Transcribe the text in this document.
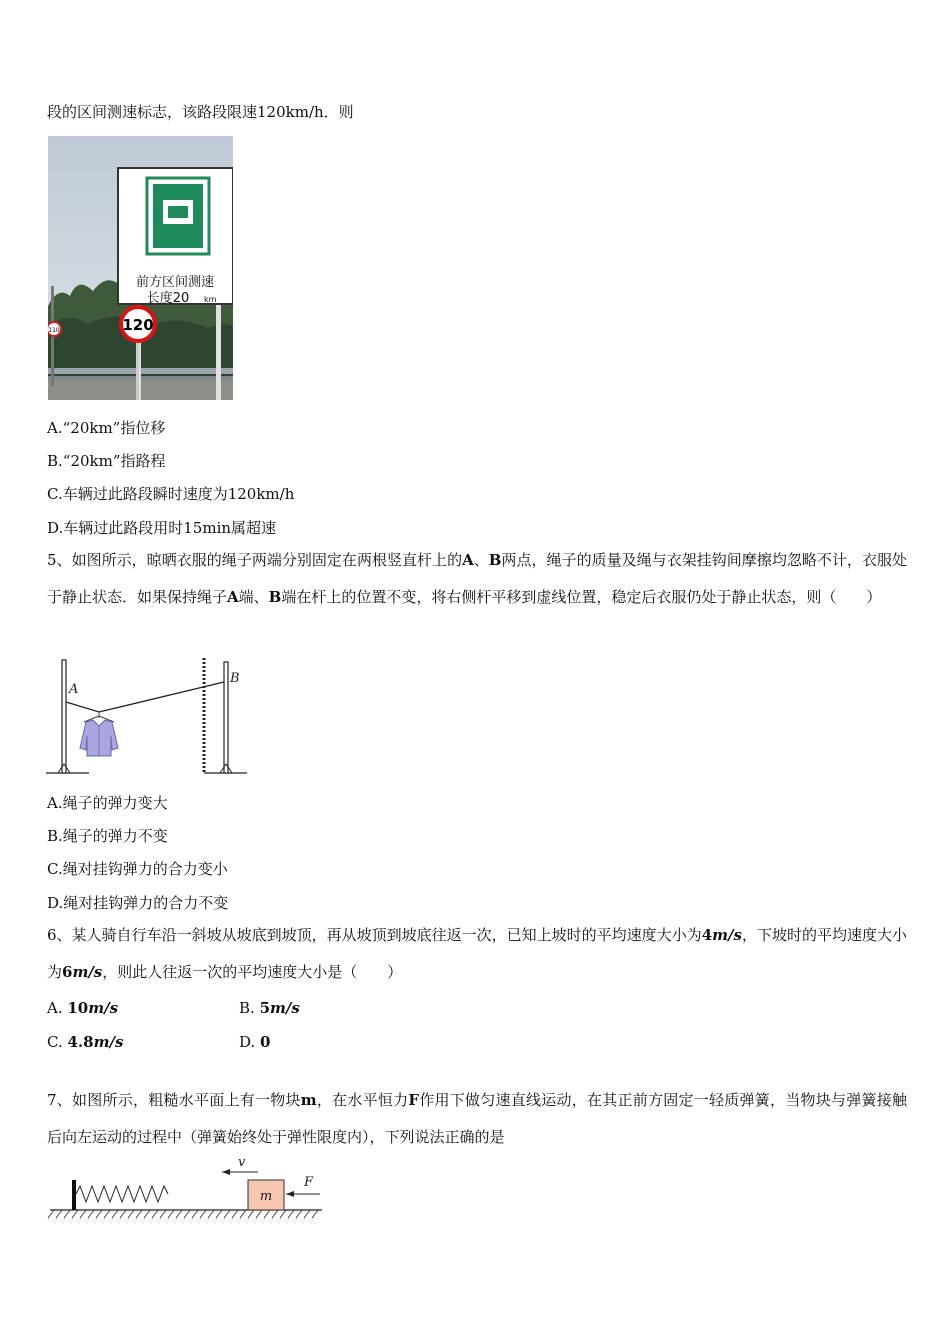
段的区间测速标志，该路段限速120km/h．则
110
前方区间测速
长度20 km
120
A.“20km”指位移
B.“20km”指路程
C.车辆过此路段瞬时速度为120km/h
D.车辆过此路段用时15min属超速
5、如图所示，晾晒衣服的绳子两端分别固定在两根竖直杆上的A、B两点，绳子的质量及绳与衣架挂钩间摩擦均忽略不计，衣服处于静止状态．如果保持绳子A端、B端在杆上的位置不变，将右侧杆平移到虚线位置，稳定后衣服仍处于静止状态，则（　　）
A
B
A.绳子的弹力变大
B.绳子的弹力不变
C.绳对挂钩弹力的合力变小
D.绳对挂钩弹力的合力不变
6、某人骑自行车沿一斜坡从坡底到坡顶，再从坡顶到坡底往返一次，已知上坡时的平均速度大小为4m/s，下坡时的平均速度大小为6m/s，则此人往返一次的平均速度大小是（　　）
A. 10m/s	B. 5m/s
C. 4.8m/s	D. 0
7、如图所示，粗糙水平面上有一物块m，在水平恒力F作用下做匀速直线运动，在其正前方固定一轻质弹簧，当物块与弹簧接触后向左运动的过程中（弹簧始终处于弹性限度内），下列说法正确的是
m
v
F
